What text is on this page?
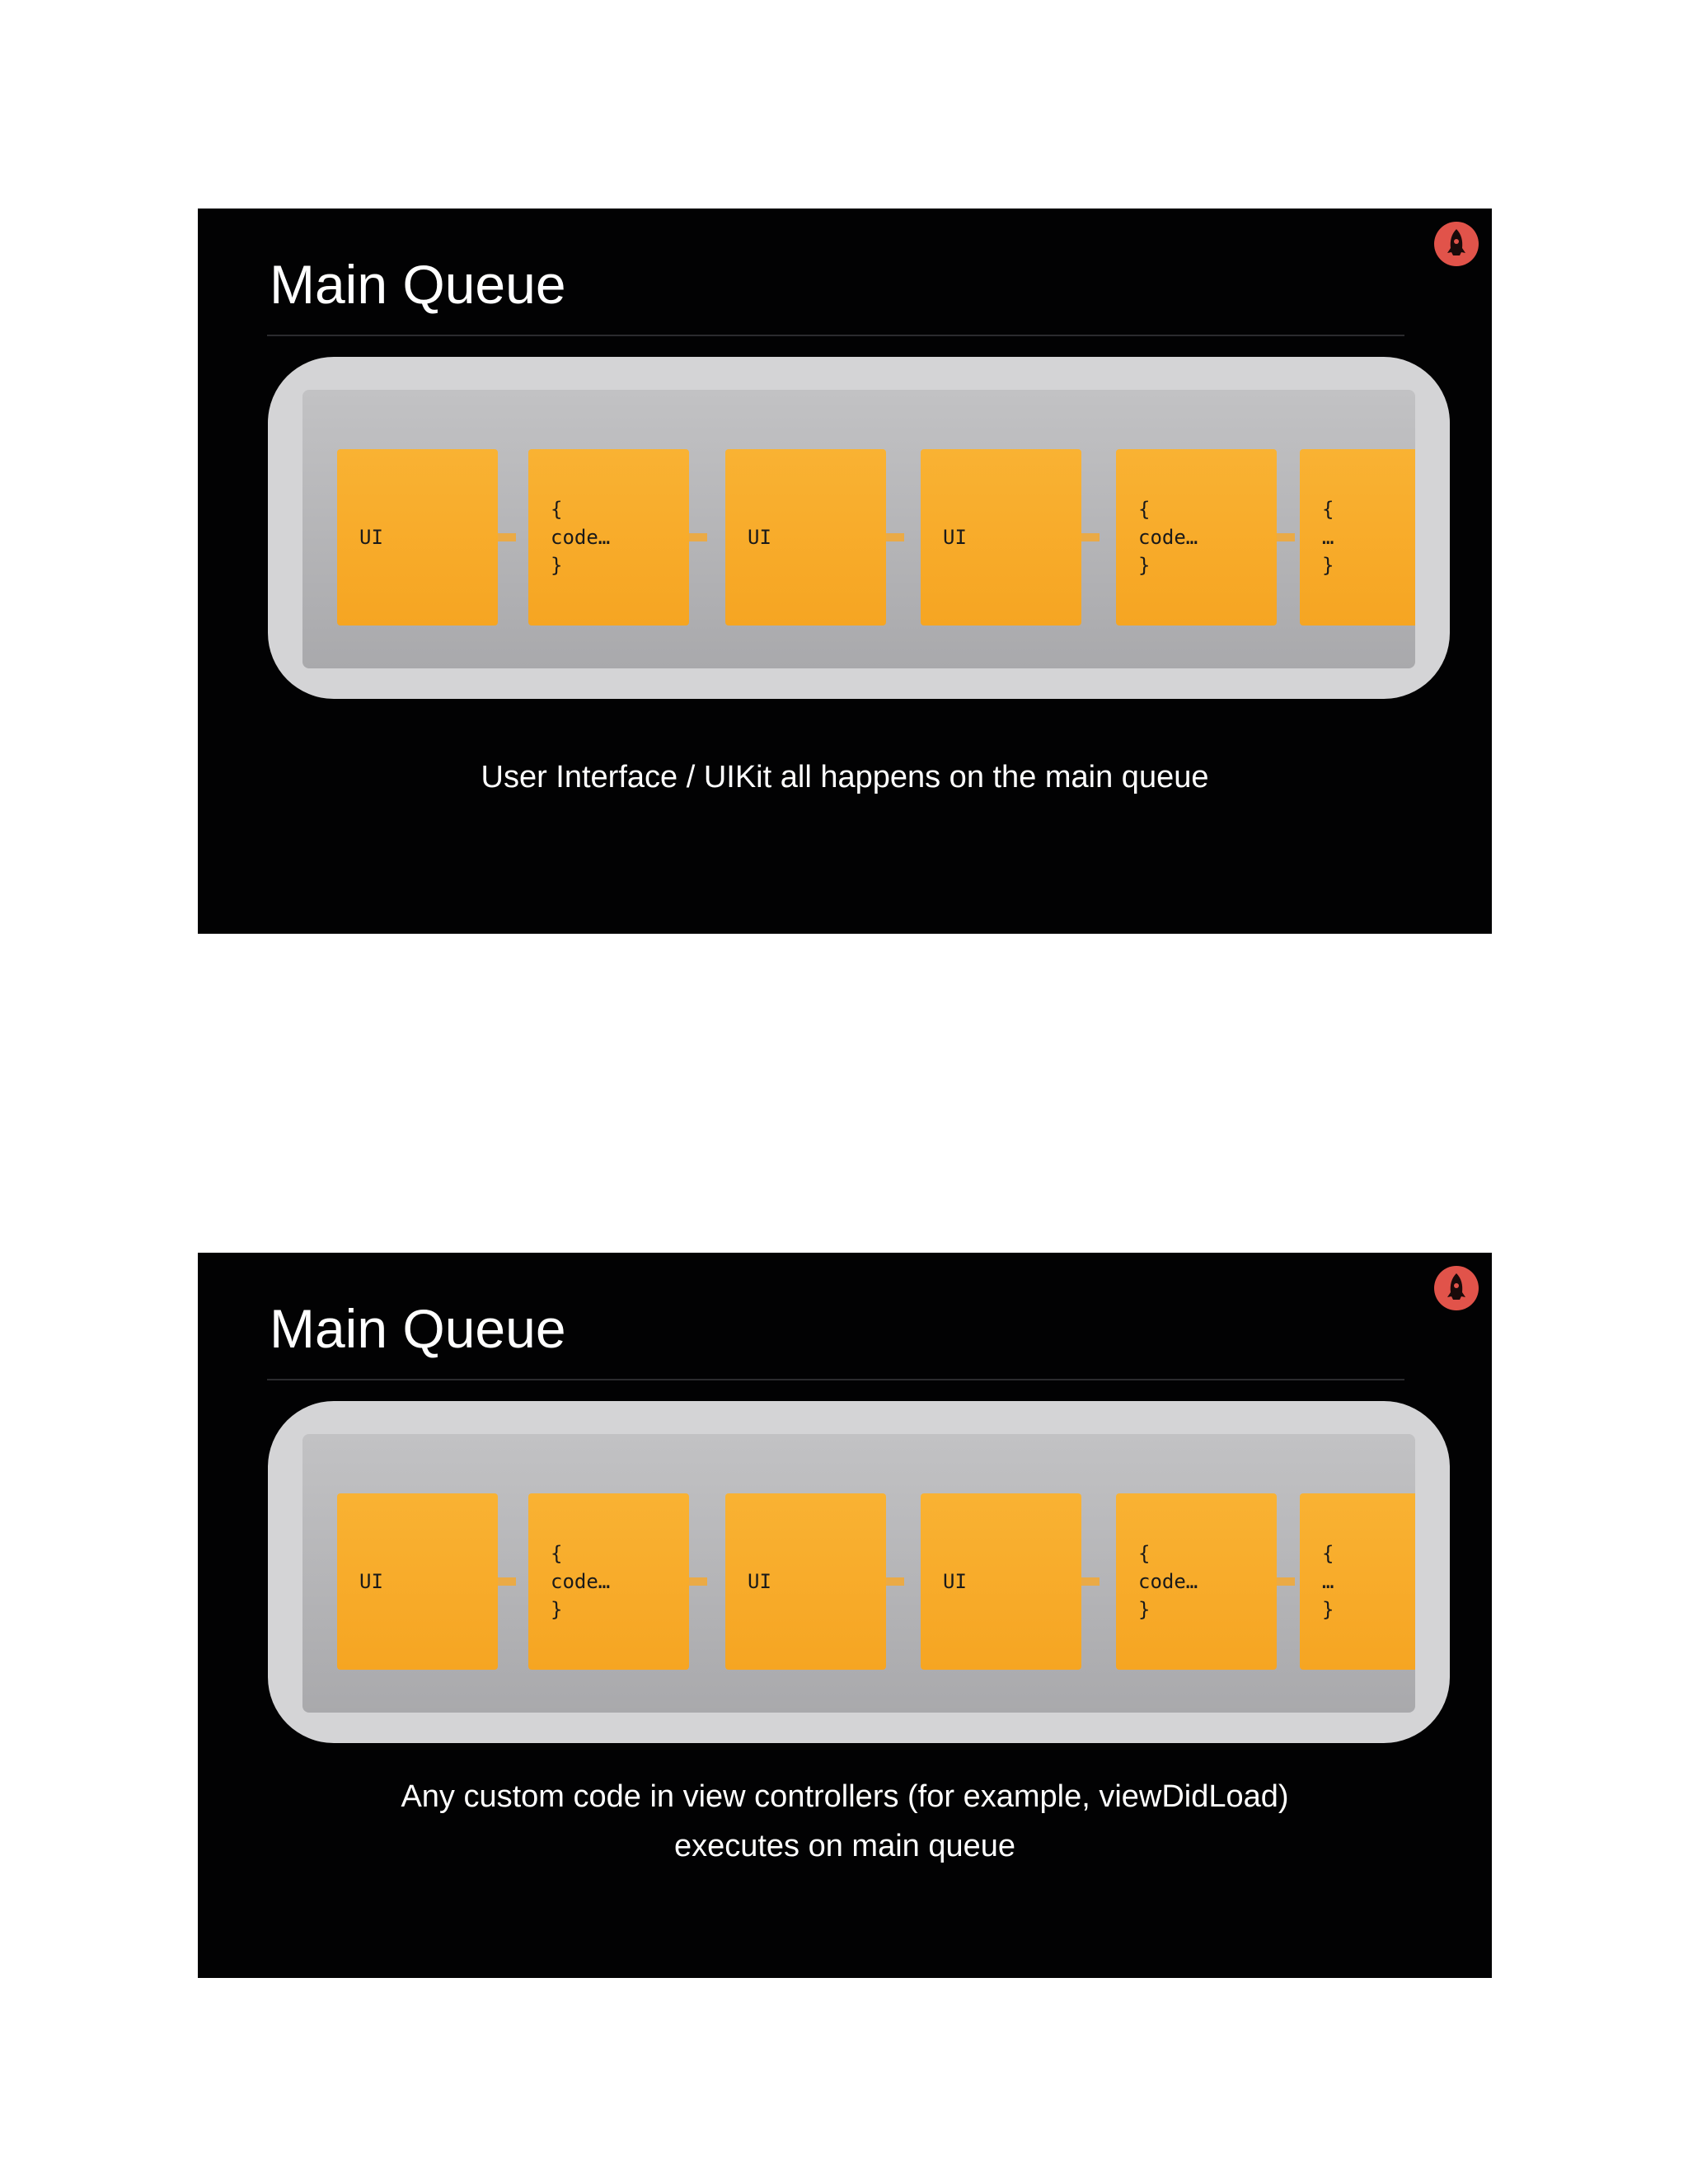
Main Queue
UI
{
code…
}
UI	UI
{
code…
}
{
…
}

User Interface / UIKit all happens on the main queue

Main Queue
UI
{
code…
}
UI	UI
{
code…
}
{
…
}

Any custom code in view controllers (for example, viewDidLoad)
executes on main queue
